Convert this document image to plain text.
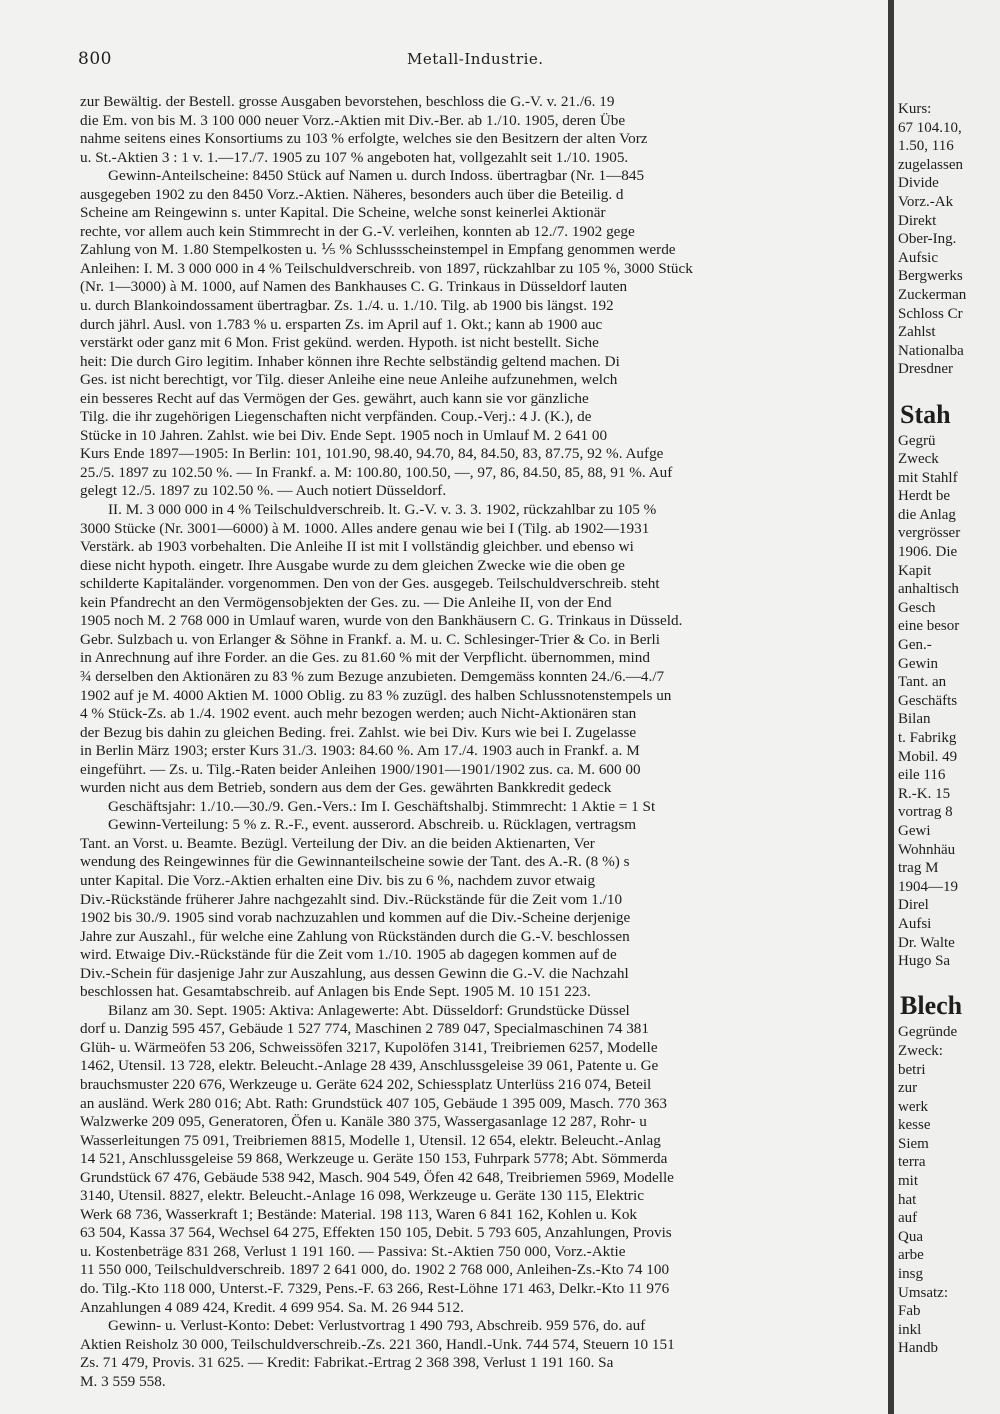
800	Metall-Industrie.
zur Bewältig. der Bestell. grosse Ausgaben bevorstehen, beschloss die G.-V. v. 21./6. 19
die Em. von bis M. 3 100 000 neuer Vorz.-Aktien mit Div.-Ber. ab 1./10. 1905, deren Übe
nahme seitens eines Konsortiums zu 103 % erfolgte, welches sie den Besitzern der alten Vorz
u. St.-Aktien 3 : 1 v. 1.—17./7. 1905 zu 107 % angeboten hat, vollgezahlt seit 1./10. 1905.
Gewinn-Anteilscheine: 8450 Stück auf Namen u. durch Indoss. übertragbar (Nr. 1—845
ausgegeben 1902 zu den 8450 Vorz.-Aktien. Näheres, besonders auch über die Beteilig. d
Scheine am Reingewinn s. unter Kapital. Die Scheine, welche sonst keinerlei Aktionär
rechte, vor allem auch kein Stimmrecht in der G.-V. verleihen, konnten ab 12./7. 1902 gege
Zahlung von M. 1.80 Stempelkosten u. ⅕ % Schlussscheinstempel in Empfang genommen werde
Anleihen: I. M. 3 000 000 in 4 % Teilschuldverschreib. von 1897, rückzahlbar zu 105 %, 3000 Stück
(Nr. 1—3000) à M. 1000, auf Namen des Bankhauses C. G. Trinkaus in Düsseldorf lauten
u. durch Blankoindossament übertragbar. Zs. 1./4. u. 1./10. Tilg. ab 1900 bis längst. 192
durch jährl. Ausl. von 1.783 % u. ersparten Zs. im April auf 1. Okt.; kann ab 1900 auc
verstärkt oder ganz mit 6 Mon. Frist gekünd. werden. Hypoth. ist nicht bestellt. Siche
heit: Die durch Giro legitim. Inhaber können ihre Rechte selbständig geltend machen. Di
Ges. ist nicht berechtigt, vor Tilg. dieser Anleihe eine neue Anleihe aufzunehmen, welch
ein besseres Recht auf das Vermögen der Ges. gewährt, auch kann sie vor gänzliche
Tilg. die ihr zugehörigen Liegenschaften nicht verpfänden. Coup.-Verj.: 4 J. (K.), de
Stücke in 10 Jahren. Zahlst. wie bei Div. Ende Sept. 1905 noch in Umlauf M. 2 641 00
Kurs Ende 1897—1905: In Berlin: 101, 101.90, 98.40, 94.70, 84, 84.50, 83, 87.75, 92 %. Aufge
25./5. 1897 zu 102.50 %. — In Frankf. a. M: 100.80, 100.50, —, 97, 86, 84.50, 85, 88, 91 %. Auf
gelegt 12./5. 1897 zu 102.50 %. — Auch notiert Düsseldorf.
II. M. 3 000 000 in 4 % Teilschuldverschreib. lt. G.-V. v. 3. 3. 1902, rückzahlbar zu 105 %
3000 Stücke (Nr. 3001—6000) à M. 1000. Alles andere genau wie bei I (Tilg. ab 1902—1931
Verstärk. ab 1903 vorbehalten. Die Anleihe II ist mit I vollständig gleichber. und ebenso wi
diese nicht hypoth. eingetr. Ihre Ausgabe wurde zu dem gleichen Zwecke wie die oben ge
schilderte Kapitaländer. vorgenommen. Den von der Ges. ausgegeb. Teilschuldverschreib. steht
kein Pfandrecht an den Vermögensobjekten der Ges. zu. — Die Anleihe II, von der End
1905 noch M. 2 768 000 in Umlauf waren, wurde von den Bankhäusern C. G. Trinkaus in Düsseld.
Gebr. Sulzbach u. von Erlanger & Söhne in Frankf. a. M. u. C. Schlesinger-Trier & Co. in Berli
in Anrechnung auf ihre Forder. an die Ges. zu 81.60 % mit der Verpflicht. übernommen, mind
¾ derselben den Aktionären zu 83 % zum Bezuge anzubieten. Demgemäss konnten 24./6.—4./7
1902 auf je M. 4000 Aktien M. 1000 Oblig. zu 83 % zuzügl. des halben Schlussnotenstempels un
4 % Stück-Zs. ab 1./4. 1902 event. auch mehr bezogen werden; auch Nicht-Aktionären stan
der Bezug bis dahin zu gleichen Beding. frei. Zahlst. wie bei Div. Kurs wie bei I. Zugelasse
in Berlin März 1903; erster Kurs 31./3. 1903: 84.60 %. Am 17./4. 1903 auch in Frankf. a. M
eingeführt. — Zs. u. Tilg.-Raten beider Anleihen 1900/1901—1901/1902 zus. ca. M. 600 00
wurden nicht aus dem Betrieb, sondern aus dem der Ges. gewährten Bankkredit gedeck
Geschäftsjahr: 1./10.—30./9. Gen.-Vers.: Im I. Geschäftshalbj. Stimmrecht: 1 Aktie = 1 St
Gewinn-Verteilung: 5 % z. R.-F., event. ausserord. Abschreib. u. Rücklagen, vertragsm
Tant. an Vorst. u. Beamte. Bezügl. Verteilung der Div. an die beiden Aktienarten, Ver
wendung des Reingewinnes für die Gewinnanteilscheine sowie der Tant. des A.-R. (8 %) s
unter Kapital. Die Vorz.-Aktien erhalten eine Div. bis zu 6 %, nachdem zuvor etwaig
Div.-Rückstände früherer Jahre nachgezahlt sind. Div.-Rückstände für die Zeit vom 1./10
1902 bis 30./9. 1905 sind vorab nachzuzahlen und kommen auf die Div.-Scheine derjenige
Jahre zur Auszahl., für welche eine Zahlung von Rückständen durch die G.-V. beschlossen
wird. Etwaige Div.-Rückstände für die Zeit vom 1./10. 1905 ab dagegen kommen auf de
Div.-Schein für dasjenige Jahr zur Auszahlung, aus dessen Gewinn die G.-V. die Nachzahl
beschlossen hat. Gesamtabschreib. auf Anlagen bis Ende Sept. 1905 M. 10 151 223.
Bilanz am 30. Sept. 1905: Aktiva: Anlagewerte: Abt. Düsseldorf: Grundstücke Düssel
dorf u. Danzig 595 457, Gebäude 1 527 774, Maschinen 2 789 047, Specialmaschinen 74 381
Glüh- u. Wärmeöfen 53 206, Schweissöfen 3217, Kupolöfen 3141, Treibriemen 6257, Modelle
1462, Utensil. 13 728, elektr. Beleucht.-Anlage 28 439, Anschlussgeleise 39 061, Patente u. Ge
brauchsmuster 220 676, Werkzeuge u. Geräte 624 202, Schiessplatz Unterlüss 216 074, Beteil
an ausländ. Werk 280 016; Abt. Rath: Grundstück 407 105, Gebäude 1 395 009, Masch. 770 363
Walzwerke 209 095, Generatoren, Öfen u. Kanäle 380 375, Wassergasanlage 12 287, Rohr- u
Wasserleitungen 75 091, Treibriemen 8815, Modelle 1, Utensil. 12 654, elektr. Beleucht.-Anlag
14 521, Anschlussgeleise 59 868, Werkzeuge u. Geräte 150 153, Fuhrpark 5778; Abt. Sömmerda
Grundstück 67 476, Gebäude 538 942, Masch. 904 549, Öfen 42 648, Treibriemen 5969, Modelle
3140, Utensil. 8827, elektr. Beleucht.-Anlage 16 098, Werkzeuge u. Geräte 130 115, Elektric
Werk 68 736, Wasserkraft 1; Bestände: Material. 198 113, Waren 6 841 162, Kohlen u. Kok
63 504, Kassa 37 564, Wechsel 64 275, Effekten 150 105, Debit. 5 793 605, Anzahlungen, Provis
u. Kostenbeträge 831 268, Verlust 1 191 160. — Passiva: St.-Aktien 750 000, Vorz.-Aktie
11 550 000, Teilschuldverschreib. 1897 2 641 000, do. 1902 2 768 000, Anleihen-Zs.-Kto 74 100
do. Tilg.-Kto 118 000, Unterst.-F. 7329, Pens.-F. 63 266, Rest-Löhne 171 463, Delkr.-Kto 11 976
Anzahlungen 4 089 424, Kredit. 4 699 954. Sa. M. 26 944 512.
Gewinn- u. Verlust-Konto: Debet: Verlustvortrag 1 490 793, Abschreib. 959 576, do. auf
Aktien Reisholz 30 000, Teilschuldverschreib.-Zs. 221 360, Handl.-Unk. 744 574, Steuern 10 151
Zs. 71 479, Provis. 31 625. — Kredit: Fabrikat.-Ertrag 2 368 398, Verlust 1 191 160. Sa
M. 3 559 558.
Kurs:
67 104.10,
1.50, 116
zugelassen
Divide
Vorz.-Ak
Direkt
Ober-Ing.
Aufsic
Bergwerks
Zuckerman
Schloss Cr
Zahlst
Nationalba
Dresdner
Stah
Gegrü
Zweck
mit Stahlf
Herdt be
die Anlag
vergrösser
1906. Die
Kapit
anhaltisch
Gesch
eine besor
Gen.-
Gewin
Tant. an
Geschäfts
Bilan
t. Fabrikg
Mobil. 49
eile 116
R.-K. 15
vortrag 8
Gewi
Wohnhäu
trag M
1904—19
Direl
Aufsi
Dr. Walte
Hugo Sa
Blech
Gegründe
Zweck:
betri
zur
werk
kesse
Siem
terra
mit
hat
auf
Qua
arbe
insg
Umsatz:
Fab
inkl
Handb
